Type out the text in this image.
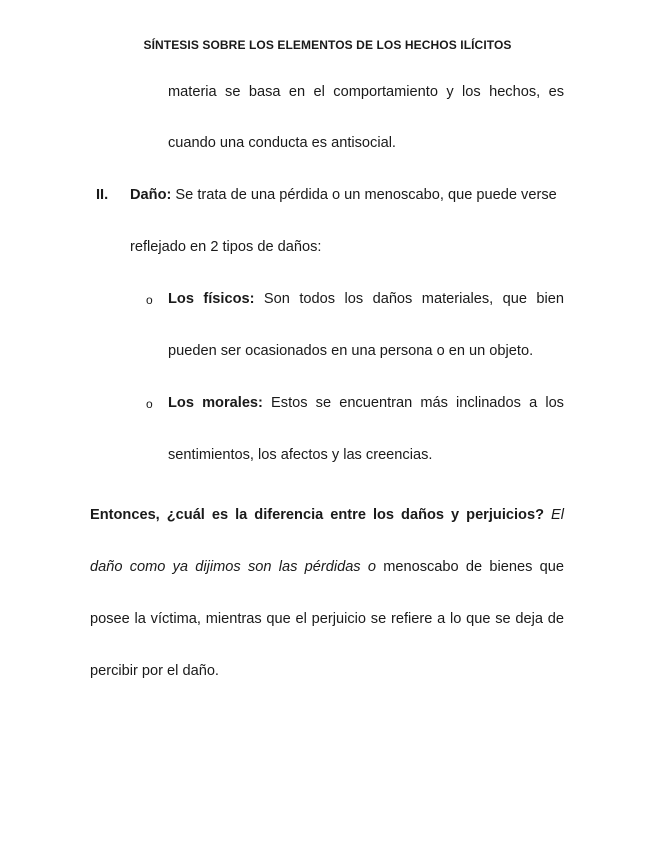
SÍNTESIS SOBRE LOS ELEMENTOS DE LOS HECHOS ILÍCITOS
materia se basa en el comportamiento y los hechos, es
cuando una conducta es antisocial.
II. Daño: Se trata de una pérdida o un menoscabo, que puede verse
reflejado en 2 tipos de daños:
o Los físicos: Son todos los daños materiales, que bien
pueden ser ocasionados en una persona o en un objeto.
o Los morales: Estos se encuentran más inclinados a los
sentimientos, los afectos y las creencias.
Entonces, ¿cuál es la diferencia entre los daños y perjuicios? El
daño como ya dijimos son las pérdidas o menoscabo de bienes que
posee la víctima, mientras que el perjuicio se refiere a lo que se deja de
percibir por el daño.
